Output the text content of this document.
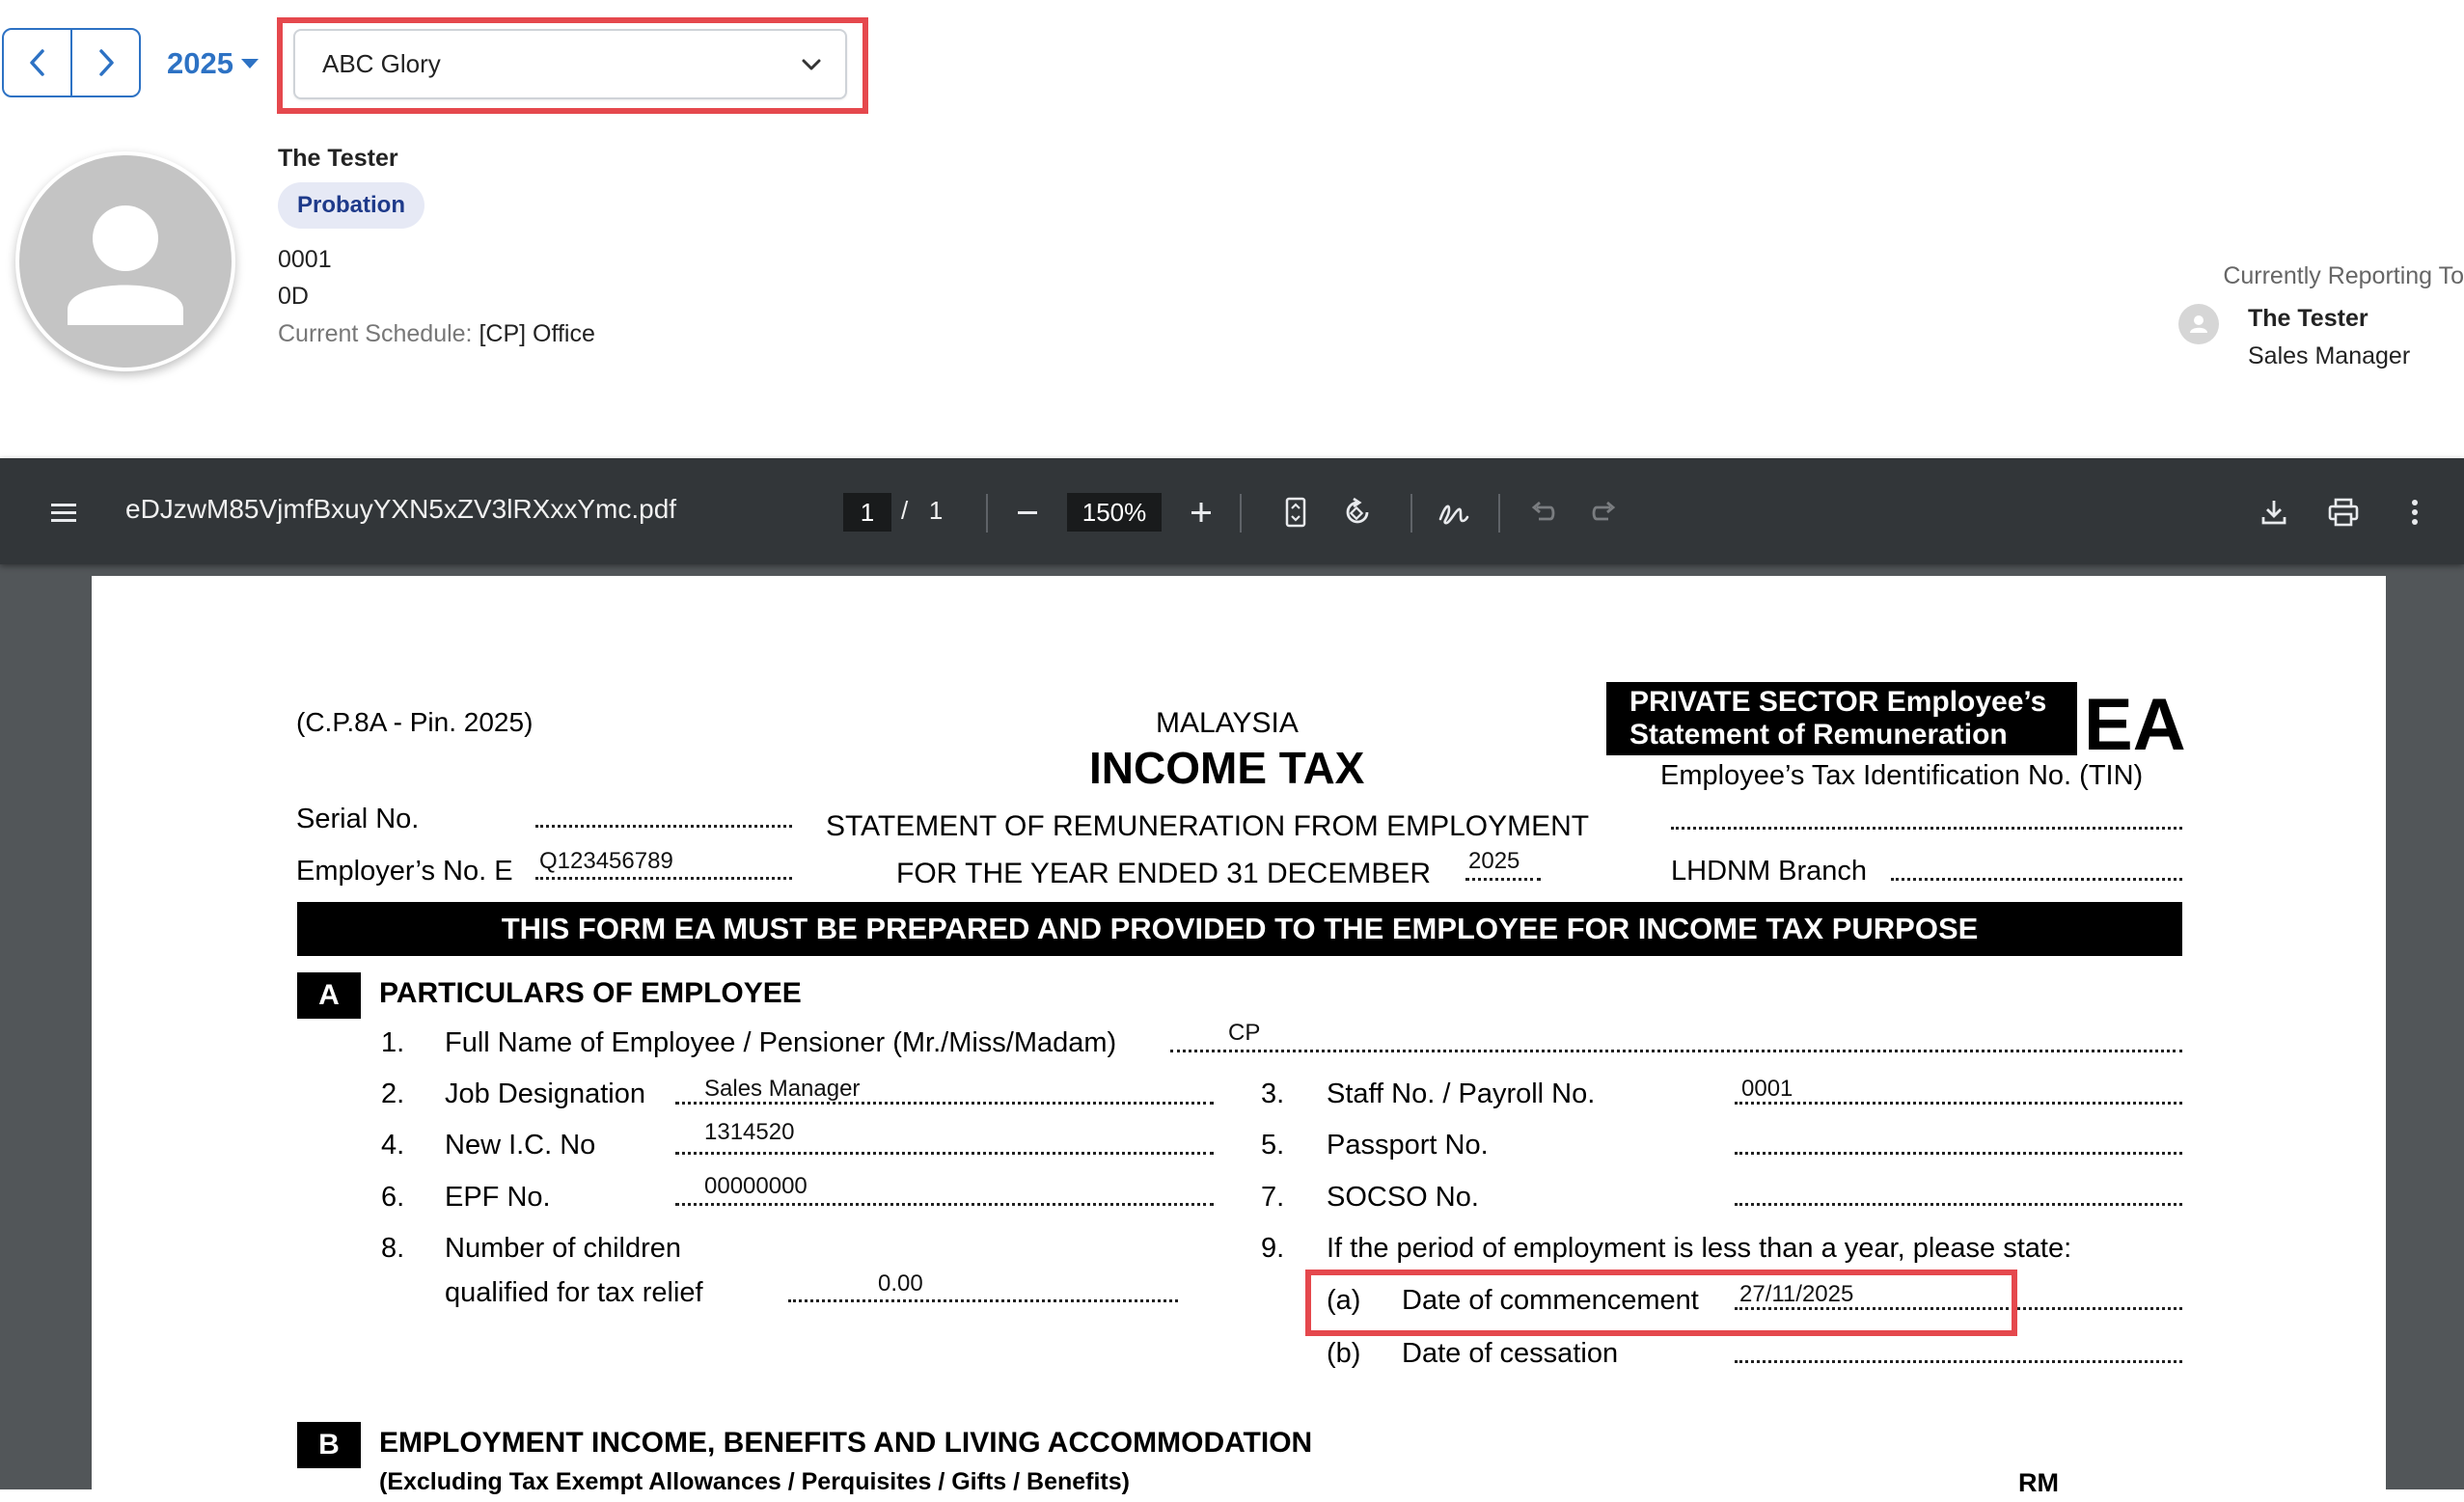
2025	ABC Glory
The Tester
Probation
0001
0D
Current Schedule: [CP] Office
Currently Reporting To
The Tester
Sales Manager
eDJzwM85VjmfBxuyYXN5xZV3lRXxxYmc.pdf	1	/ 1	150%
(C.P.8A - Pin. 2025)	MALAYSIA
INCOME TAX
PRIVATE SECTOR Employee’s
Statement of Remuneration EA
Employee’s Tax Identification No. (TIN)
Serial No.	STATEMENT OF REMUNERATION FROM EMPLOYMENT
Employer’s No. E Q123456789	FOR THE YEAR ENDED 31 DECEMBER 2025	LHDNM Branch
THIS FORM EA MUST BE PREPARED AND PROVIDED TO THE EMPLOYEE FOR INCOME TAX PURPOSE
A	PARTICULARS OF EMPLOYEE
1. Full Name of Employee / Pensioner (Mr./Miss/Madam)	CP
2. Job Designation	Sales Manager	3. Staff No. / Payroll No.	0001
4. New I.C. No	1314520	5. Passport No.
6. EPF No.	00000000	7. SOCSO No.
8. Number of children
qualified for tax relief	0.00
9. If the period of employment is less than a year, please state:
(a) Date of commencement 27/11/2025
(b) Date of cessation
B	EMPLOYMENT INCOME, BENEFITS AND LIVING ACCOMMODATION
(Excluding Tax Exempt Allowances / Perquisites / Gifts / Benefits)	RM
